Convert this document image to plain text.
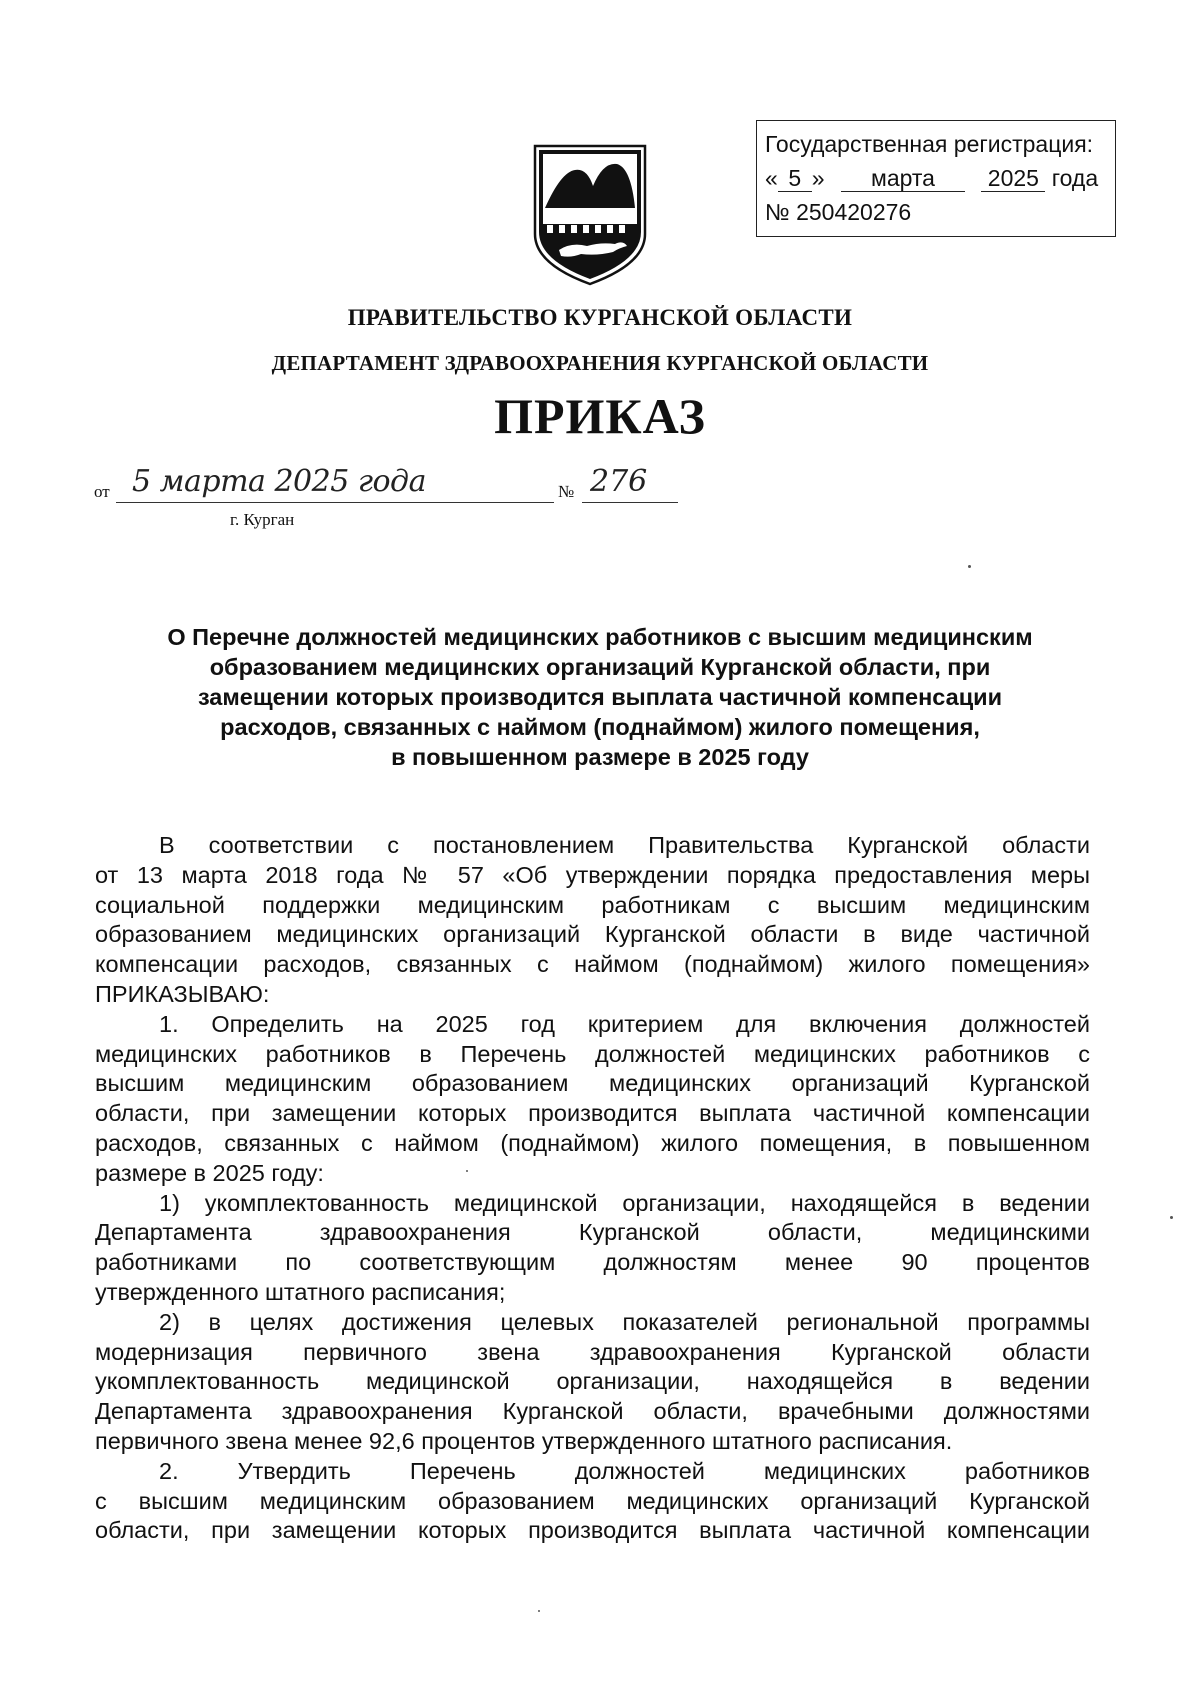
Государственная регистрация:
« 5 » марта 2025 года
№ 250420276
ПРАВИТЕЛЬСТВО КУРГАНСКОЙ ОБЛАСТИ
ДЕПАРТАМЕНТ ЗДРАВООХРАНЕНИЯ КУРГАНСКОЙ ОБЛАСТИ
ПРИКАЗ
от 5 марта 2025 года	№ 276
г. Курган
О Перечне должностей медицинских работников с высшим медицинским
образованием медицинских организаций Курганской области, при
замещении которых производится выплата частичной компенсации
расходов, связанных с наймом (поднаймом) жилого помещения,
в повышенном размере в 2025 году
В соответствии с постановлением Правительства Курганской области
от 13 марта 2018 года № 57 «Об утверждении порядка предоставления меры
социальной поддержки медицинским работникам с высшим медицинским
образованием медицинских организаций Курганской области в виде частичной
компенсации расходов, связанных с наймом (поднаймом) жилого помещения»
ПРИКАЗЫВАЮ:
1. Определить на 2025 год критерием для включения должностей
медицинских работников в Перечень должностей медицинских работников с
высшим медицинским образованием медицинских организаций Курганской
области, при замещении которых производится выплата частичной компенсации
расходов, связанных с наймом (поднаймом) жилого помещения, в повышенном
размере в 2025 году:
1) укомплектованность медицинской организации, находящейся в ведении
Департамента здравоохранения Курганской области, медицинскими
работниками по соответствующим должностям менее 90 процентов
утвержденного штатного расписания;
2) в целях достижения целевых показателей региональной программы
модернизация первичного звена здравоохранения Курганской области
укомплектованность медицинской организации, находящейся в ведении
Департамента здравоохранения Курганской области, врачебными должностями
первичного звена менее 92,6 процентов утвержденного штатного расписания.
2. Утвердить Перечень должностей медицинских работников
с высшим медицинским образованием медицинских организаций Курганской
области, при замещении которых производится выплата частичной компенсации
